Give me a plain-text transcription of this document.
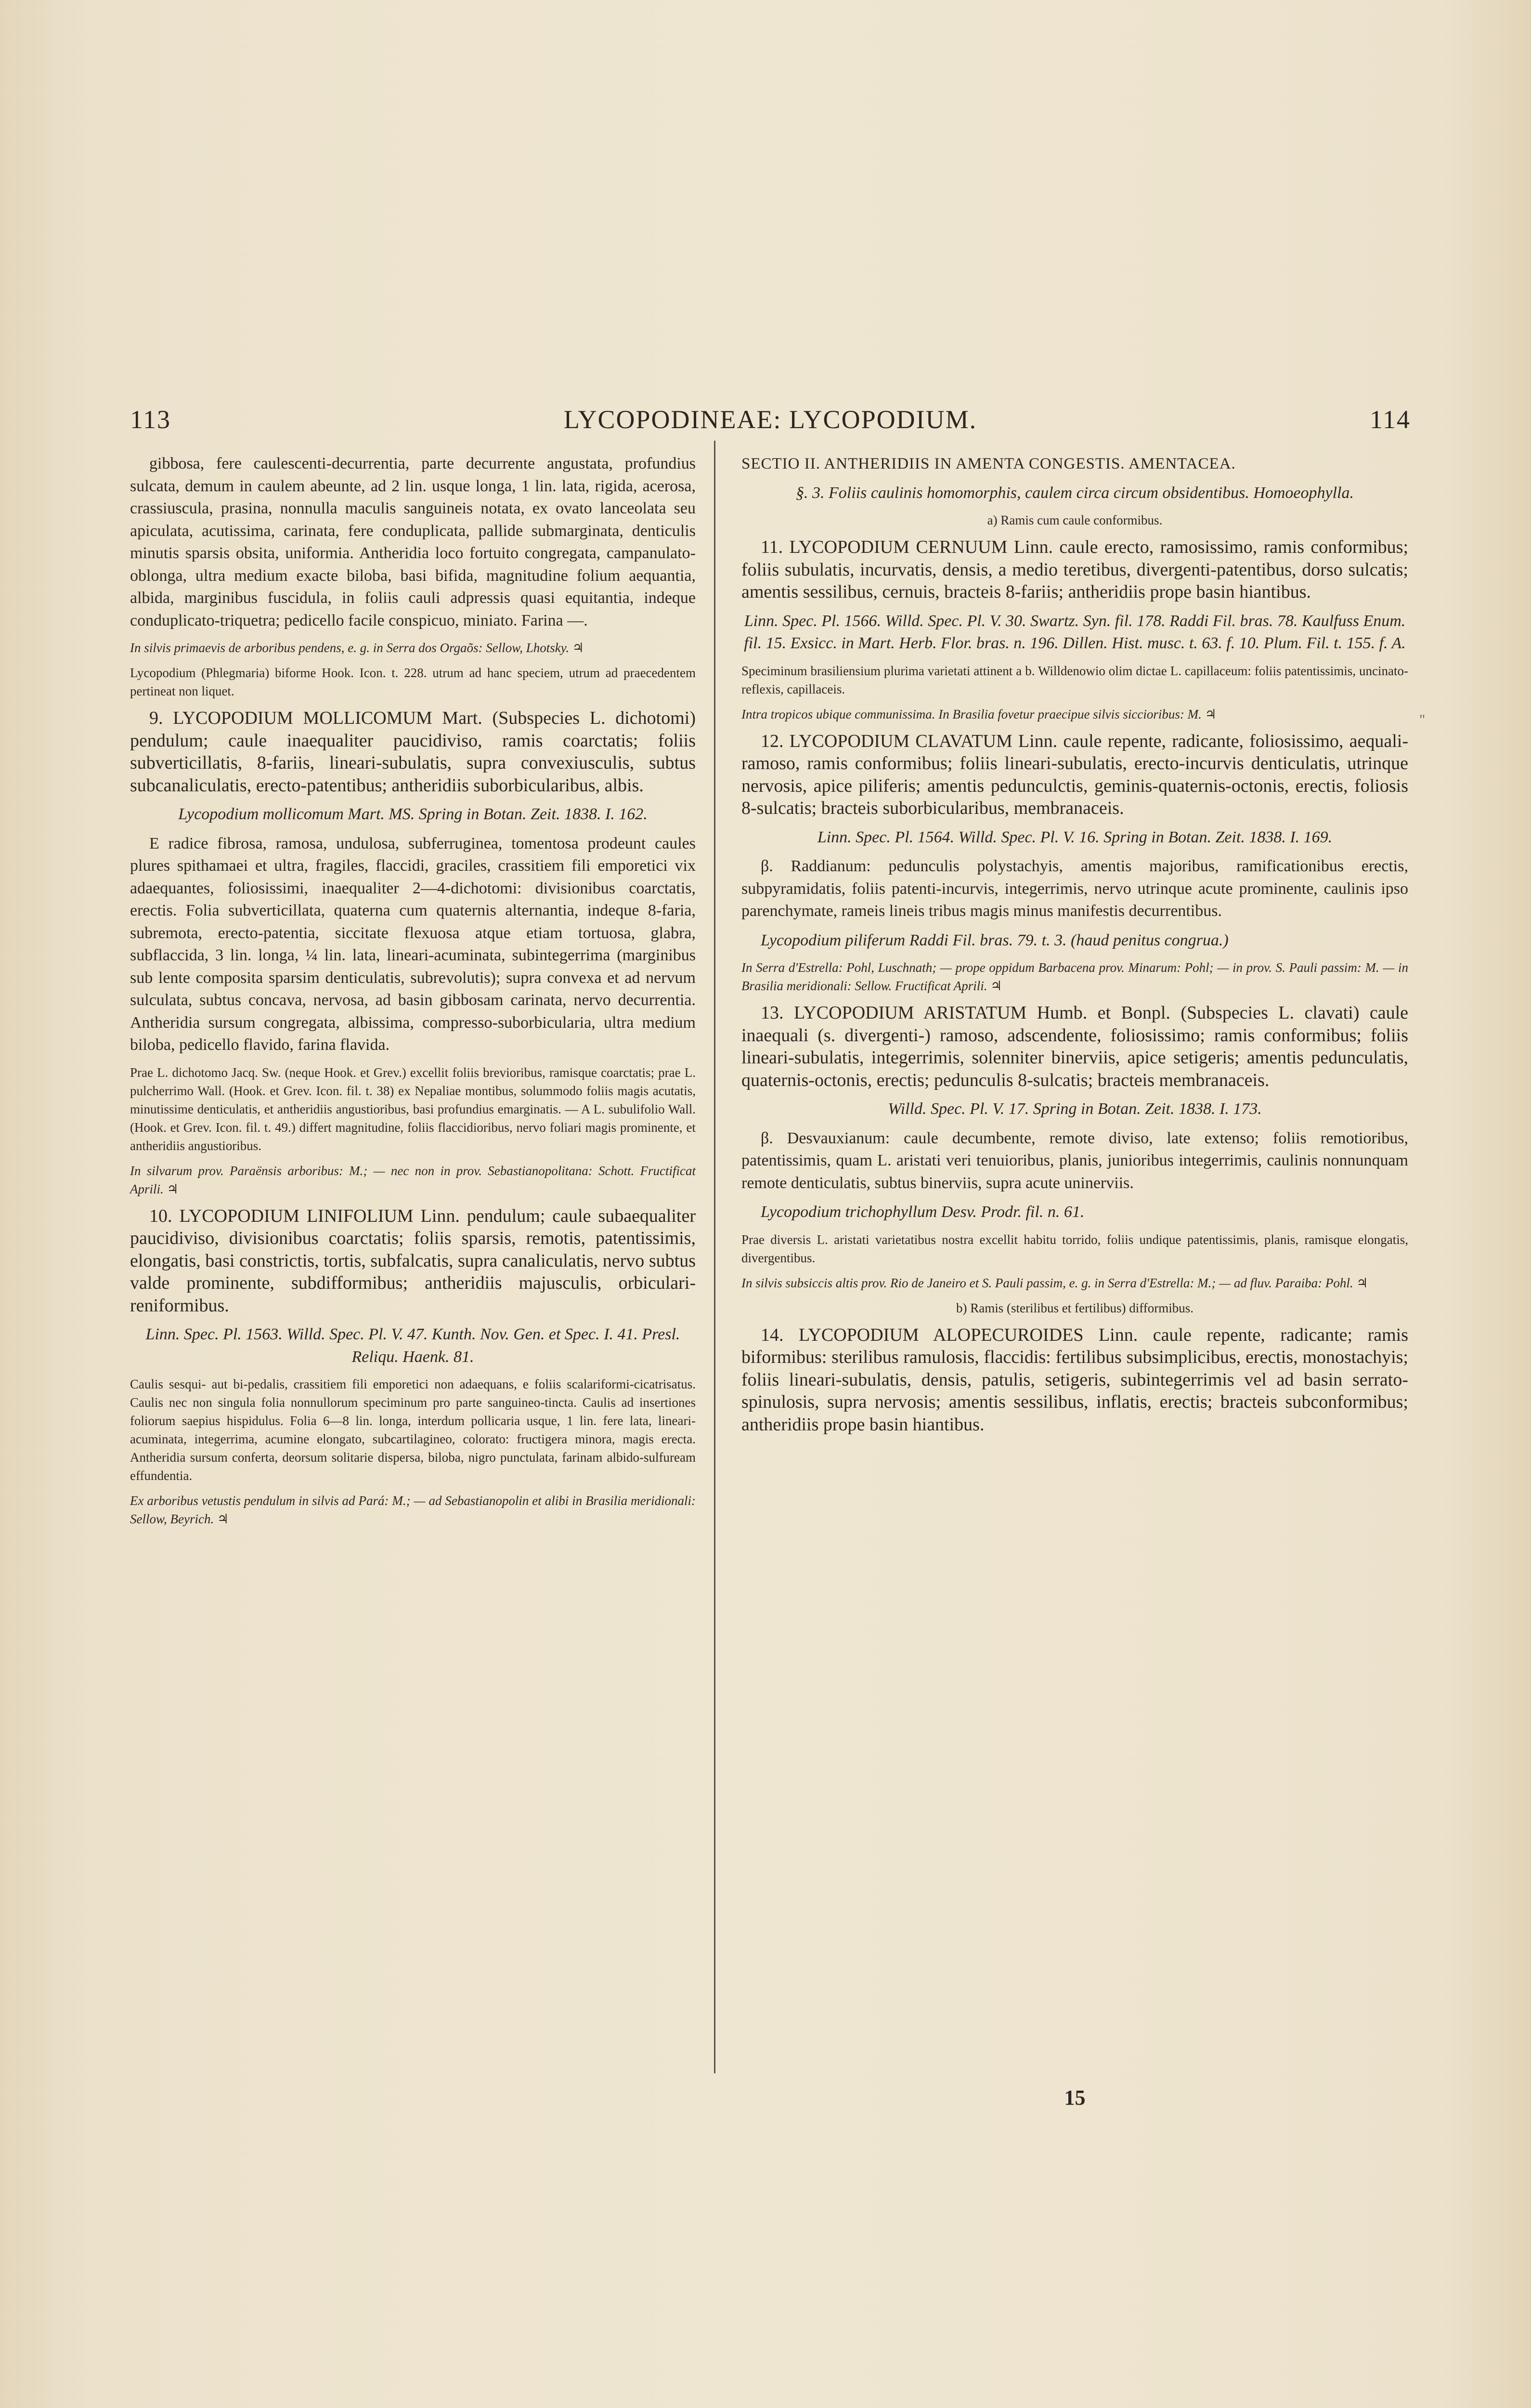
113	LYCOPODINEAE: LYCOPODIUM.	114

gibbosa, fere caulescenti-decurrentia, parte decurrente angustata, profundius sulcata, demum in caulem abeunte, ad 2 lin. usque longa, 1 lin. lata, rigida, acerosa, crassiuscula, prasina, nonnulla maculis sanguineis notata, ex ovato lanceolata seu apiculata, acutissima, carinata, fere conduplicata, pallide submarginata, denticulis minutis sparsis obsita, uniformia. Antheridia loco fortuito congregata, campanulato-oblonga, ultra medium exacte biloba, basi bifida, magnitudine folium aequantia, albida, marginibus fuscidula, in foliis cauli adpressis quasi equitantia, indeque conduplicato-triquetra; pedicello facile conspicuo, miniato. Farina —.

In silvis primaevis de arboribus pendens, e. g. in Serra dos Orgaõs: Sellow, Lhotsky. ♃

Lycopodium (Phlegmaria) biforme Hook. Icon. t. 228. utrum ad hanc speciem, utrum ad praecedentem pertineat non liquet.

9. LYCOPODIUM MOLLICOMUM Mart. (Subspecies L. dichotomi) pendulum; caule inaequaliter paucidiviso, ramis coarctatis; foliis subverticillatis, 8-fariis, lineari-subulatis, supra convexiusculis, subtus subcanaliculatis, erecto-patentibus; antheridiis suborbicularibus, albis.

Lycopodium mollicomum Mart. MS. Spring in Botan. Zeit. 1838. I. 162.

E radice fibrosa, ramosa, undulosa, subferruginea, tomentosa prodeunt caules plures spithamaei et ultra, fragiles, flaccidi, graciles, crassitiem fili emporetici vix adaequantes, foliosissimi, inaequaliter 2—4-dichotomi: divisionibus coarctatis, erectis. Folia subverticillata, quaterna cum quaternis alternantia, indeque 8-faria, subremota, erecto-patentia, siccitate flexuosa atque etiam tortuosa, glabra, subflaccida, 3 lin. longa, ¼ lin. lata, lineari-acuminata, subintegerrima (marginibus sub lente composita sparsim denticulatis, subrevolutis); supra convexa et ad nervum sulculata, subtus concava, nervosa, ad basin gibbosam carinata, nervo decurrentia. Antheridia sursum congregata, albissima, compresso-suborbicularia, ultra medium biloba, pedicello flavido, farina flavida.

Prae L. dichotomo Jacq. Sw. (neque Hook. et Grev.) excellit foliis brevioribus, ramisque coarctatis; prae L. pulcherrimo Wall. (Hook. et Grev. Icon. fil. t. 38) ex Nepaliae montibus, solummodo foliis magis acutatis, minutissime denticulatis, et antheridiis angustioribus, basi profundius emarginatis. — A L. subulifolio Wall. (Hook. et Grev. Icon. fil. t. 49.) differt magnitudine, foliis flaccidioribus, nervo foliari magis prominente, et antheridiis angustioribus.

In silvarum prov. Paraënsis arboribus: M.; — nec non in prov. Sebastianopolitana: Schott. Fructificat Aprili. ♃

10. LYCOPODIUM LINIFOLIUM Linn. pendulum; caule subaequaliter paucidiviso, divisionibus coarctatis; foliis sparsis, remotis, patentissimis, elongatis, basi constrictis, tortis, subfalcatis, supra canaliculatis, nervo subtus valde prominente, subdifformibus; antheridiis majusculis, orbiculari-reniformibus.

Linn. Spec. Pl. 1563. Willd. Spec. Pl. V. 47. Kunth. Nov. Gen. et Spec. I. 41. Presl. Reliqu. Haenk. 81.

Caulis sesqui- aut bi-pedalis, crassitiem fili emporetici non adaequans, e foliis scalariformi-cicatrisatus. Caulis nec non singula folia nonnullorum speciminum pro parte sanguineo-tincta. Caulis ad insertiones foliorum saepius hispidulus. Folia 6—8 lin. longa, interdum pollicaria usque, 1 lin. fere lata, lineari-acuminata, integerrima, acumine elongato, subcartilagineo, colorato: fructigera minora, magis erecta. Antheridia sursum conferta, deorsum solitarie dispersa, biloba, nigro punctulata, farinam albido-sulfuream effundentia.

Ex arboribus vetustis pendulum in silvis ad Pará: M.; — ad Sebastianopolin et alibi in Brasilia meridionali: Sellow, Beyrich. ♃

SECTIO II. ANTHERIDIIS IN AMENTA CONGESTIS. AMENTACEA.

§. 3. Foliis caulinis homomorphis, caulem circa circum obsidentibus. Homoeophylla.

a) Ramis cum caule conformibus.

11. LYCOPODIUM CERNUUM Linn. caule erecto, ramosissimo, ramis conformibus; foliis subulatis, incurvatis, densis, a medio teretibus, divergenti-patentibus, dorso sulcatis; amentis sessilibus, cernuis, bracteis 8-fariis; antheridiis prope basin hiantibus.

Linn. Spec. Pl. 1566. Willd. Spec. Pl. V. 30. Swartz. Syn. fil. 178. Raddi Fil. bras. 78. Kaulfuss Enum. fil. 15. Exsicc. in Mart. Herb. Flor. bras. n. 196. Dillen. Hist. musc. t. 63. f. 10. Plum. Fil. t. 155. f. A.

Speciminum brasiliensium plurima varietati attinent a b. Willdenowio olim dictae L. capillaceum: foliis patentissimis, uncinato-reflexis, capillaceis.

Intra tropicos ubique communissima. In Brasilia fovetur praecipue silvis siccioribus: M. ♃

12. LYCOPODIUM CLAVATUM Linn. caule repente, radicante, foliosissimo, aequali-ramoso, ramis conformibus; foliis lineari-subulatis, erecto-incurvis denticulatis, utrinque nervosis, apice piliferis; amentis pedunculctis, geminis-quaternis-octonis, erectis, foliosis 8-sulcatis; bracteis suborbicularibus, membranaceis.

Linn. Spec. Pl. 1564. Willd. Spec. Pl. V. 16. Spring in Botan. Zeit. 1838. I. 169.

β. Raddianum: pedunculis polystachyis, amentis majoribus, ramificationibus erectis, subpyramidatis, foliis patenti-incurvis, integerrimis, nervo utrinque acute prominente, caulinis ipso parenchymate, rameis lineis tribus magis minus manifestis decurrentibus.

Lycopodium piliferum Raddi Fil. bras. 79. t. 3. (haud penitus congrua.)

In Serra d'Estrella: Pohl, Luschnath; — prope oppidum Barbacena prov. Minarum: Pohl; — in prov. S. Pauli passim: M. — in Brasilia meridionali: Sellow. Fructificat Aprili. ♃

13. LYCOPODIUM ARISTATUM Humb. et Bonpl. (Subspecies L. clavati) caule inaequali (s. divergenti-) ramoso, adscendente, foliosissimo; ramis conformibus; foliis lineari-subulatis, integerrimis, solenniter binerviis, apice setigeris; amentis pedunculatis, quaternis-octonis, erectis; pedunculis 8-sulcatis; bracteis membranaceis.

Willd. Spec. Pl. V. 17. Spring in Botan. Zeit. 1838. I. 173.

β. Desvauxianum: caule decumbente, remote diviso, late extenso; foliis remotioribus, patentissimis, quam L. aristati veri tenuioribus, planis, junioribus integerrimis, caulinis nonnunquam remote denticulatis, subtus binerviis, supra acute uninerviis.

Lycopodium trichophyllum Desv. Prodr. fil. n. 61.

Prae diversis L. aristati varietatibus nostra excellit habitu torrido, foliis undique patentissimis, planis, ramisque elongatis, divergentibus.

In silvis subsiccis altis prov. Rio de Janeiro et S. Pauli passim, e. g. in Serra d'Estrella: M.; — ad fluv. Paraiba: Pohl. ♃

b) Ramis (sterilibus et fertilibus) difformibus.

14. LYCOPODIUM ALOPECUROIDES Linn. caule repente, radicante; ramis biformibus: sterilibus ramulosis, flaccidis: fertilibus subsimplicibus, erectis, monostachyis; foliis lineari-subulatis, densis, patulis, setigeris, subintegerrimis vel ad basin serrato-spinulosis, supra nervosis; amentis sessilibus, inflatis, erectis; bracteis subconformibus; antheridiis prope basin hiantibus.

15
"
